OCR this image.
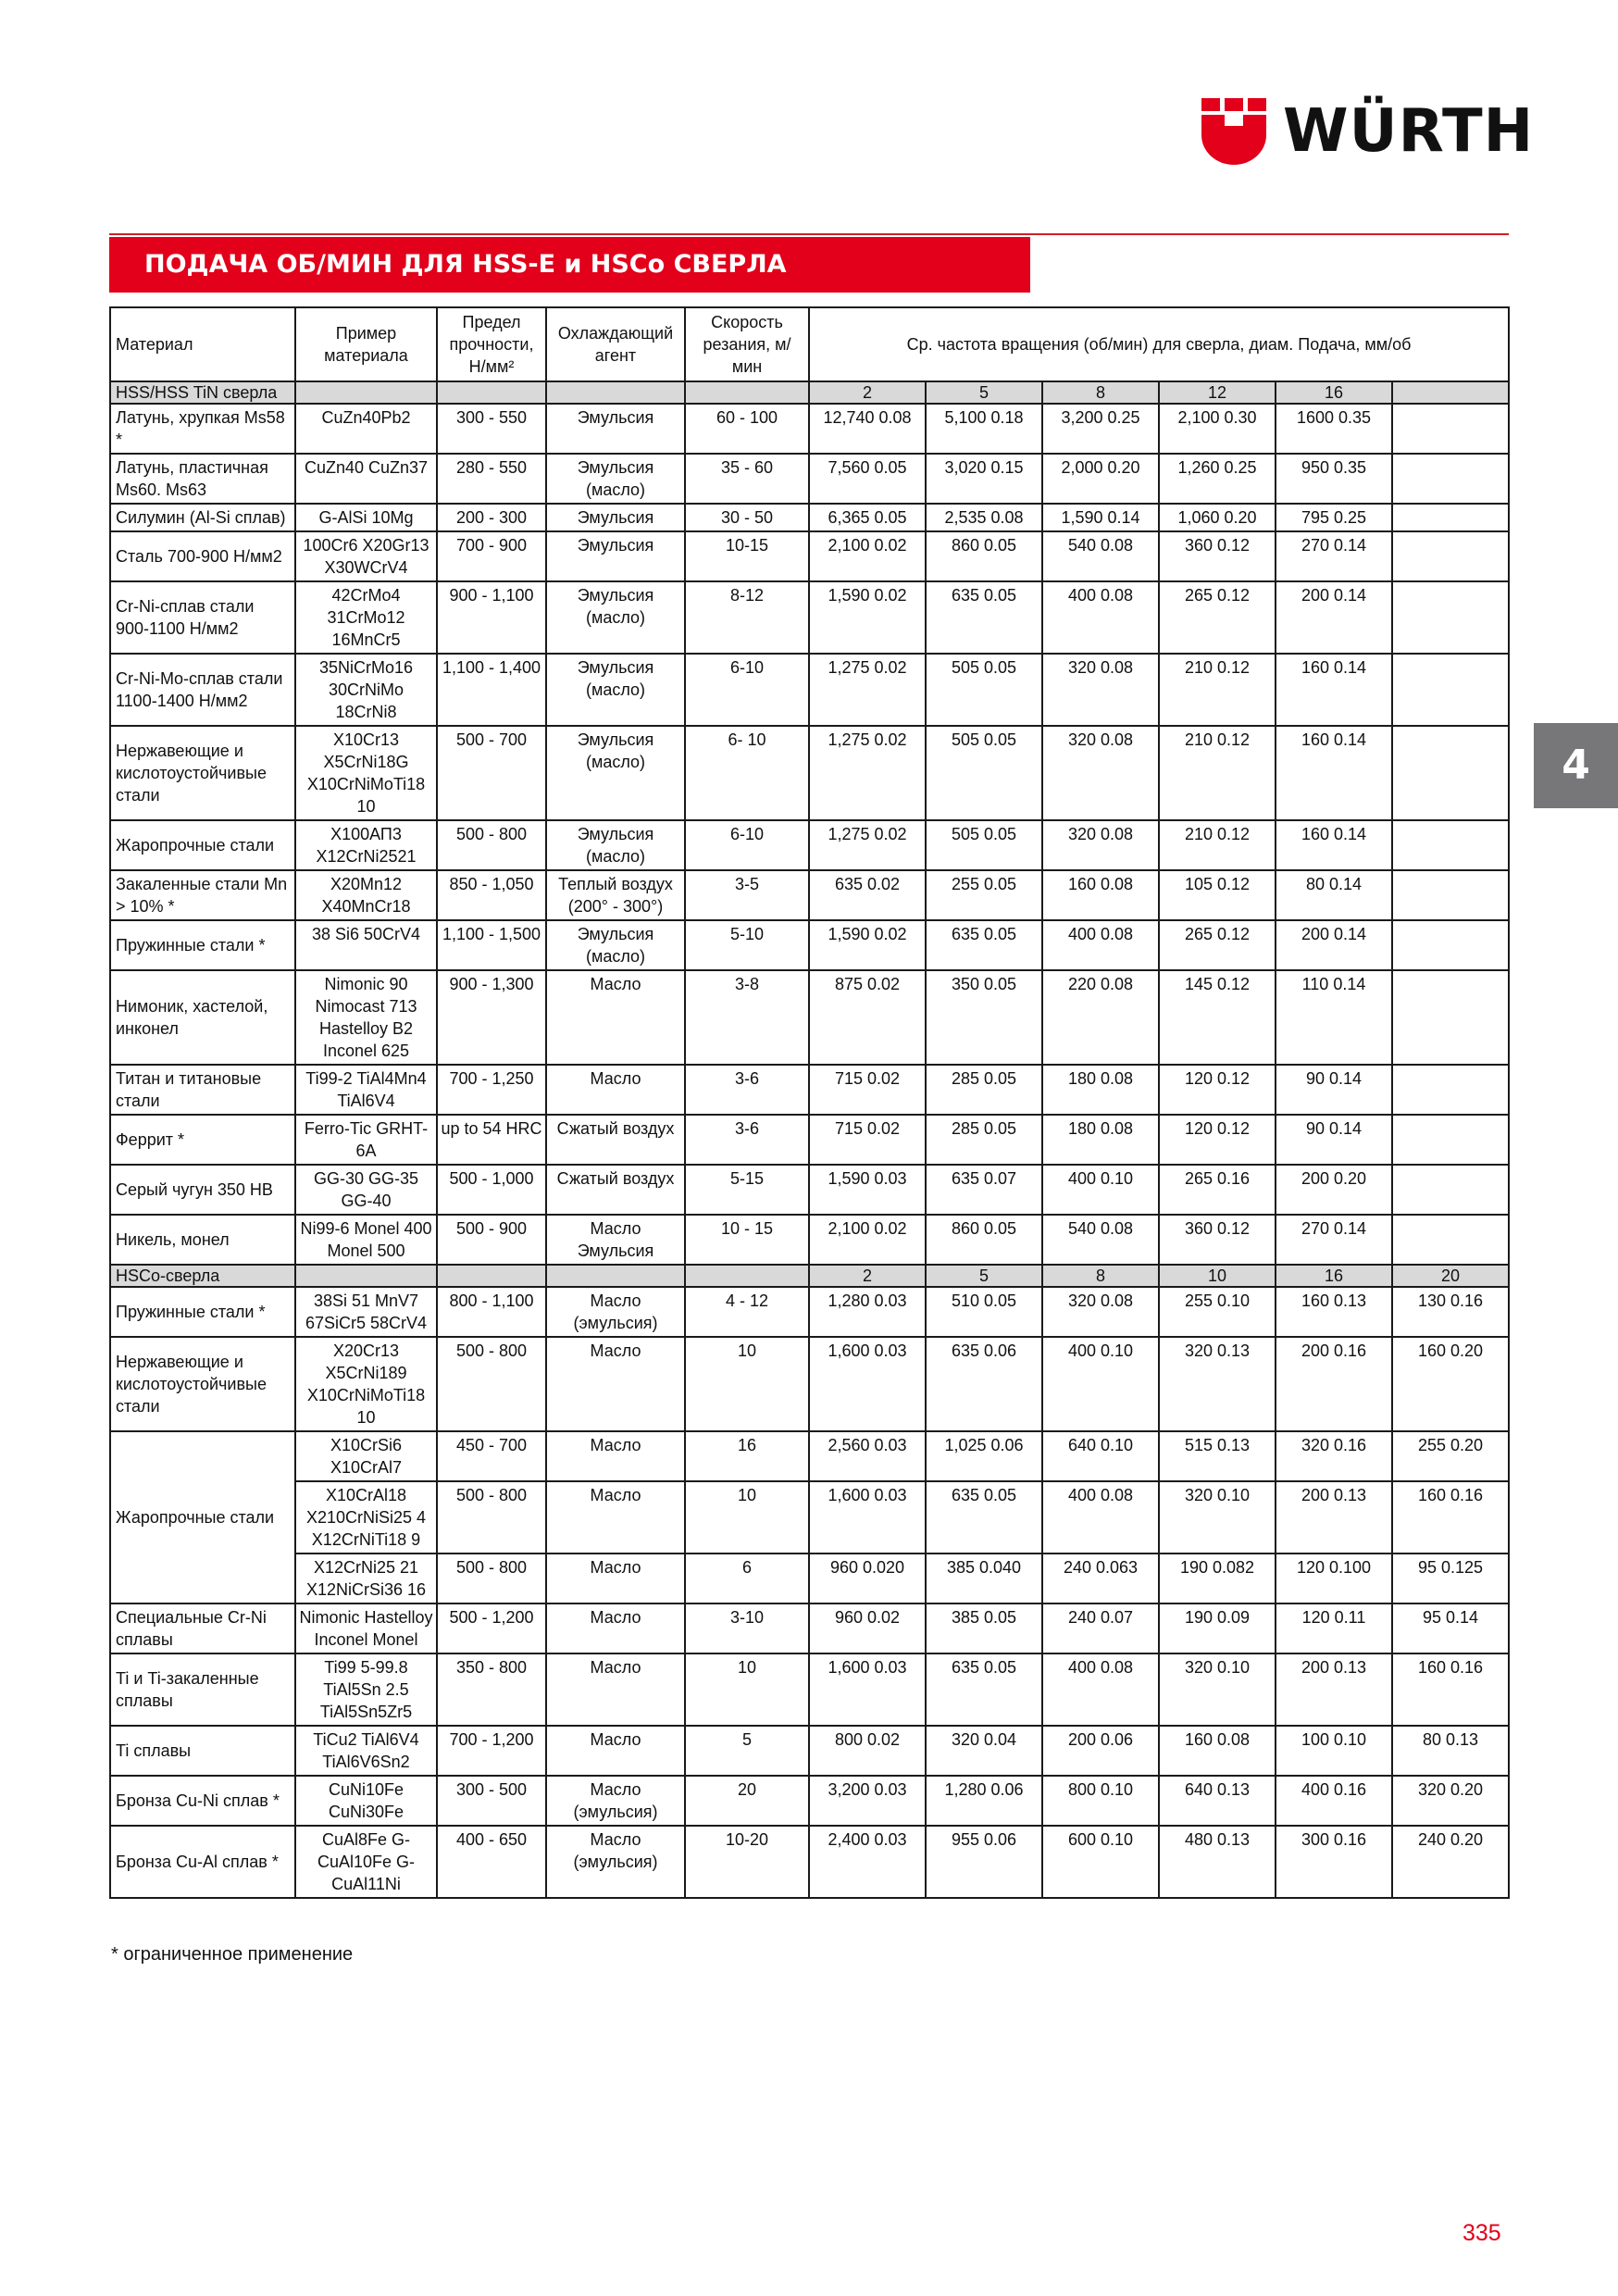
WÜRTH
ПОДАЧА ОБ/МИН ДЛЯ HSS-E и HSCo СВЕРЛА
4
Материал	Пример материала	Предел прочности, Н/мм²	Охлаждающий агент	Скорость резания, м/мин	Ср. частота вращения (об/мин) для сверла, диам. Подача, мм/об					
HSS/HSS TiN сверла					2	5	8	12	16	
Латунь, хрупкая Ms58 *	CuZn40Pb2	300 - 550	Эмульсия	60 - 100	12,740 0.08	5,100 0.18	3,200 0.25	2,100 0.30	1600 0.35	
Латунь, пластичная Ms60. Ms63	CuZn40 CuZn37	280 - 550	Эмульсия (масло)	35 - 60	7,560 0.05	3,020 0.15	2,000 0.20	1,260 0.25	950 0.35	
Силумин (Al-Si сплав)	G-AlSi 10Mg	200 - 300	Эмульсия	30 - 50	6,365 0.05	2,535 0.08	1,590 0.14	1,060 0.20	795 0.25	
Сталь 700-900 Н/мм2	100Cr6 X20Gr13 X30WCrV4	700 - 900	Эмульсия	10-15	2,100 0.02	860 0.05	540 0.08	360 0.12	270 0.14	
Cr-Ni-сплав стали 900-1100 Н/мм2	42CrMo4 31CrMo12 16MnCr5	900 - 1,100	Эмульсия (масло)	8-12	1,590 0.02	635 0.05	400 0.08	265 0.12	200 0.14	
Cr-Ni-Mo-сплав стали 1100-1400 Н/мм2	35NiCrMo16 30CrNiMo 18CrNi8	1,100 - 1,400	Эмульсия (масло)	6-10	1,275 0.02	505 0.05	320 0.08	210 0.12	160 0.14	
Нержавеющие и кислотоустойчивые стали	X10Cr13 X5CrNi18G X10CrNiMoTi18 10	500 - 700	Эмульсия (масло)	6- 10	1,275 0.02	505 0.05	320 0.08	210 0.12	160 0.14	
Жаропрочные стали	X100АП3 X12CrNi2521	500 - 800	Эмульсия (масло)	6-10	1,275 0.02	505 0.05	320 0.08	210 0.12	160 0.14	
Закаленные стали Mn > 10% *	X20Mn12 X40MnCr18	850 - 1,050	Теплый воздух (200° - 300°)	3-5	635 0.02	255 0.05	160 0.08	105 0.12	80 0.14	
Пружинные стали *	38 Si6 50CrV4	1,100 - 1,500	Эмульсия (масло)	5-10	1,590 0.02	635 0.05	400 0.08	265 0.12	200 0.14	
Нимоник, хастелой, инконел	Nimonic 90 Nimocast 713 Hastelloy B2 Inconel 625	900 - 1,300	Масло	3-8	875 0.02	350 0.05	220 0.08	145 0.12	110 0.14	
Титан и титановые стали	Ti99-2 TiAl4Mn4 TiAl6V4	700 - 1,250	Масло	3-6	715 0.02	285 0.05	180 0.08	120 0.12	90 0.14	
Феррит *	Ferro-Tic GRHT-6A	up to 54 HRC	Сжатый воздух	3-6	715 0.02	285 0.05	180 0.08	120 0.12	90 0.14	
Серый чугун 350 HB	GG-30 GG-35 GG-40	500 - 1,000	Сжатый воздух	5-15	1,590 0.03	635 0.07	400 0.10	265 0.16	200 0.20	
Никель, монел	Ni99-6 Monel 400 Monel 500	500 - 900	Масло Эмульсия	10 - 15	2,100 0.02	860 0.05	540 0.08	360 0.12	270 0.14	
HSCo-сверла					2	5	8	10	16	20
Пружинные стали *	38Si 51 MnV7 67SiCr5 58CrV4	800 - 1,100	Масло (эмульсия)	4 - 12	1,280 0.03	510 0.05	320 0.08	255 0.10	160 0.13	130 0.16
Нержавеющие и кислотоустойчивые стали	X20Cr13 X5CrNi189 X10CrNiMoTi18 10	500 - 800	Масло	10	1,600 0.03	635 0.06	400 0.10	320 0.13	200 0.16	160 0.20
Жаропрочные стали	X10CrSi6 X10CrAl7	450 - 700	Масло	16	2,560 0.03	1,025 0.06	640 0.10	515 0.13	320 0.16	255 0.20
	X10CrAl18 X210CrNiSi25 4 X12CrNiTi18 9	500 - 800	Масло	10	1,600 0.03	635 0.05	400 0.08	320 0.10	200 0.13	160 0.16
	X12CrNi25 21 X12NiCrSi36 16	500 - 800	Масло	6	960 0.020	385 0.040	240 0.063	190 0.082	120 0.100	95 0.125
Специальные Cr-Ni сплавы	Nimonic Hastelloy Inconel Monel	500 - 1,200	Масло	3-10	960 0.02	385 0.05	240 0.07	190 0.09	120 0.11	95 0.14
Ti и Ti-закаленные сплавы	Ti99 5-99.8 TiAl5Sn 2.5 TiAl5Sn5Zr5	350 - 800	Масло	10	1,600 0.03	635 0.05	400 0.08	320 0.10	200 0.13	160 0.16
Ti сплавы	TiCu2 TiAl6V4 TiAl6V6Sn2	700 - 1,200	Масло	5	800 0.02	320 0.04	200 0.06	160 0.08	100 0.10	80 0.13
Бронза Cu-Ni сплав *	CuNi10Fe CuNi30Fe	300 - 500	Масло (эмульсия)	20	3,200 0.03	1,280 0.06	800 0.10	640 0.13	400 0.16	320 0.20
Бронза Cu-Al сплав *	CuAl8Fe G-CuAl10Fe G-CuAl11Ni	400 - 650	Масло (эмульсия)	10-20	2,400 0.03	955 0.06	600 0.10	480 0.13	300 0.16	240 0.20
* ограниченное применение
335
